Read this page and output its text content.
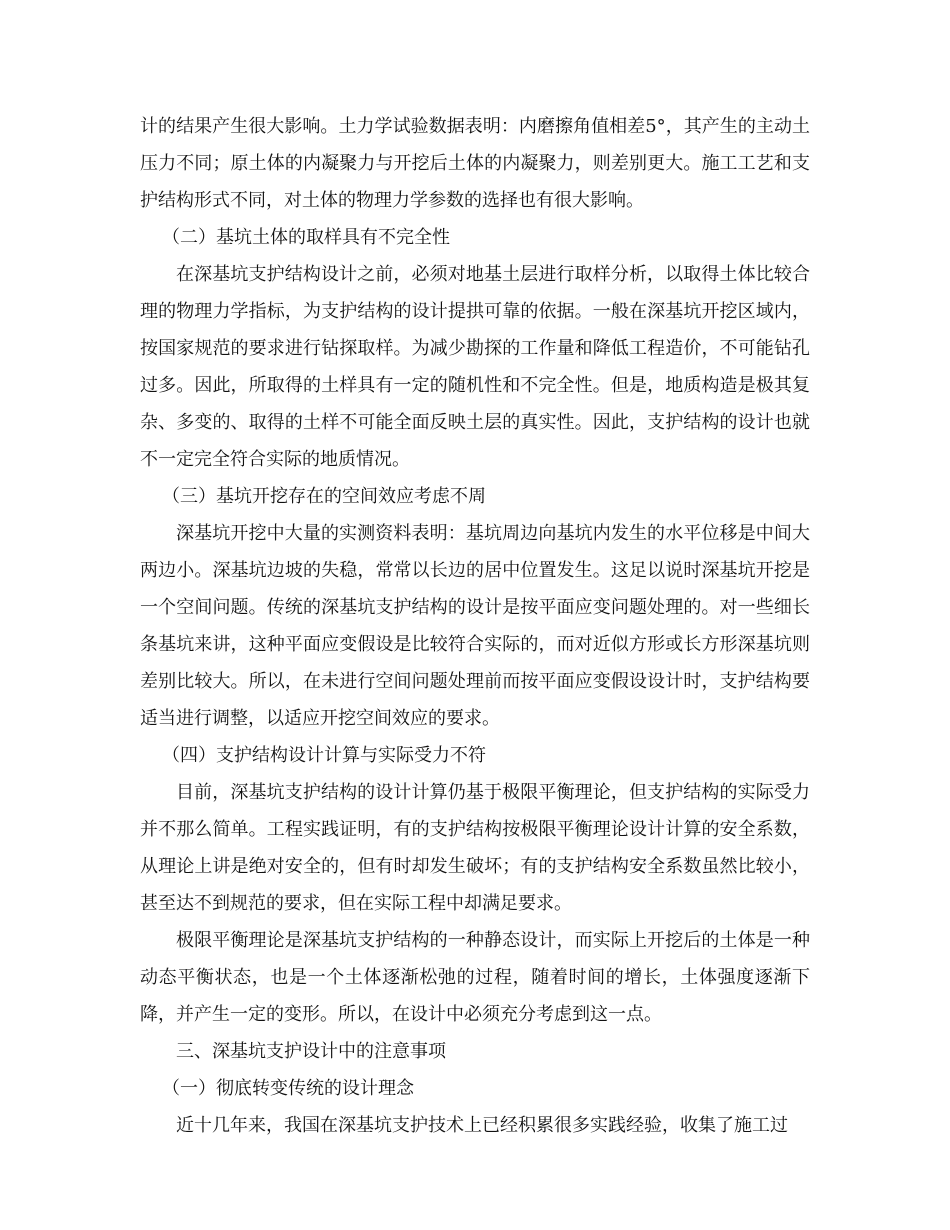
计的结果产生很大影响。土力学试验数据表明：内磨擦角值相差5°，其产生的主动土压力不同；原土体的内凝聚力与开挖后土体的内凝聚力，则差别更大。施工工艺和支护结构形式不同，对土体的物理力学参数的选择也有很大影响。

（二）基坑土体的取样具有不完全性

在深基坑支护结构设计之前，必须对地基土层进行取样分析，以取得土体比较合理的物理力学指标，为支护结构的设计提拱可靠的依据。一般在深基坑开挖区域内，按国家规范的要求进行钻探取样。为减少勘探的工作量和降低工程造价，不可能钻孔过多。因此，所取得的土样具有一定的随机性和不完全性。但是，地质构造是极其复杂、多变的、取得的土样不可能全面反映土层的真实性。因此，支护结构的设计也就不一定完全符合实际的地质情况。

（三）基坑开挖存在的空间效应考虑不周

深基坑开挖中大量的实测资料表明：基坑周边向基坑内发生的水平位移是中间大两边小。深基坑边坡的失稳，常常以长边的居中位置发生。这足以说时深基坑开挖是一个空间问题。传统的深基坑支护结构的设计是按平面应变问题处理的。对一些细长条基坑来讲，这种平面应变假设是比较符合实际的，而对近似方形或长方形深基坑则差别比较大。所以，在未进行空间问题处理前而按平面应变假设设计时，支护结构要适当进行调整，以适应开挖空间效应的要求。

（四）支护结构设计计算与实际受力不符

目前，深基坑支护结构的设计计算仍基于极限平衡理论，但支护结构的实际受力并不那么简单。工程实践证明，有的支护结构按极限平衡理论设计计算的安全系数，从理论上讲是绝对安全的，但有时却发生破坏；有的支护结构安全系数虽然比较小，甚至达不到规范的要求，但在实际工程中却满足要求。

极限平衡理论是深基坑支护结构的一种静态设计，而实际上开挖后的土体是一种动态平衡状态，也是一个土体逐渐松弛的过程，随着时间的增长，土体强度逐渐下降，并产生一定的变形。所以，在设计中必须充分考虑到这一点。

三、深基坑支护设计中的注意事项

（一）彻底转变传统的设计理念

近十几年来，我国在深基坑支护技术上已经积累很多实践经验，收集了施工过
